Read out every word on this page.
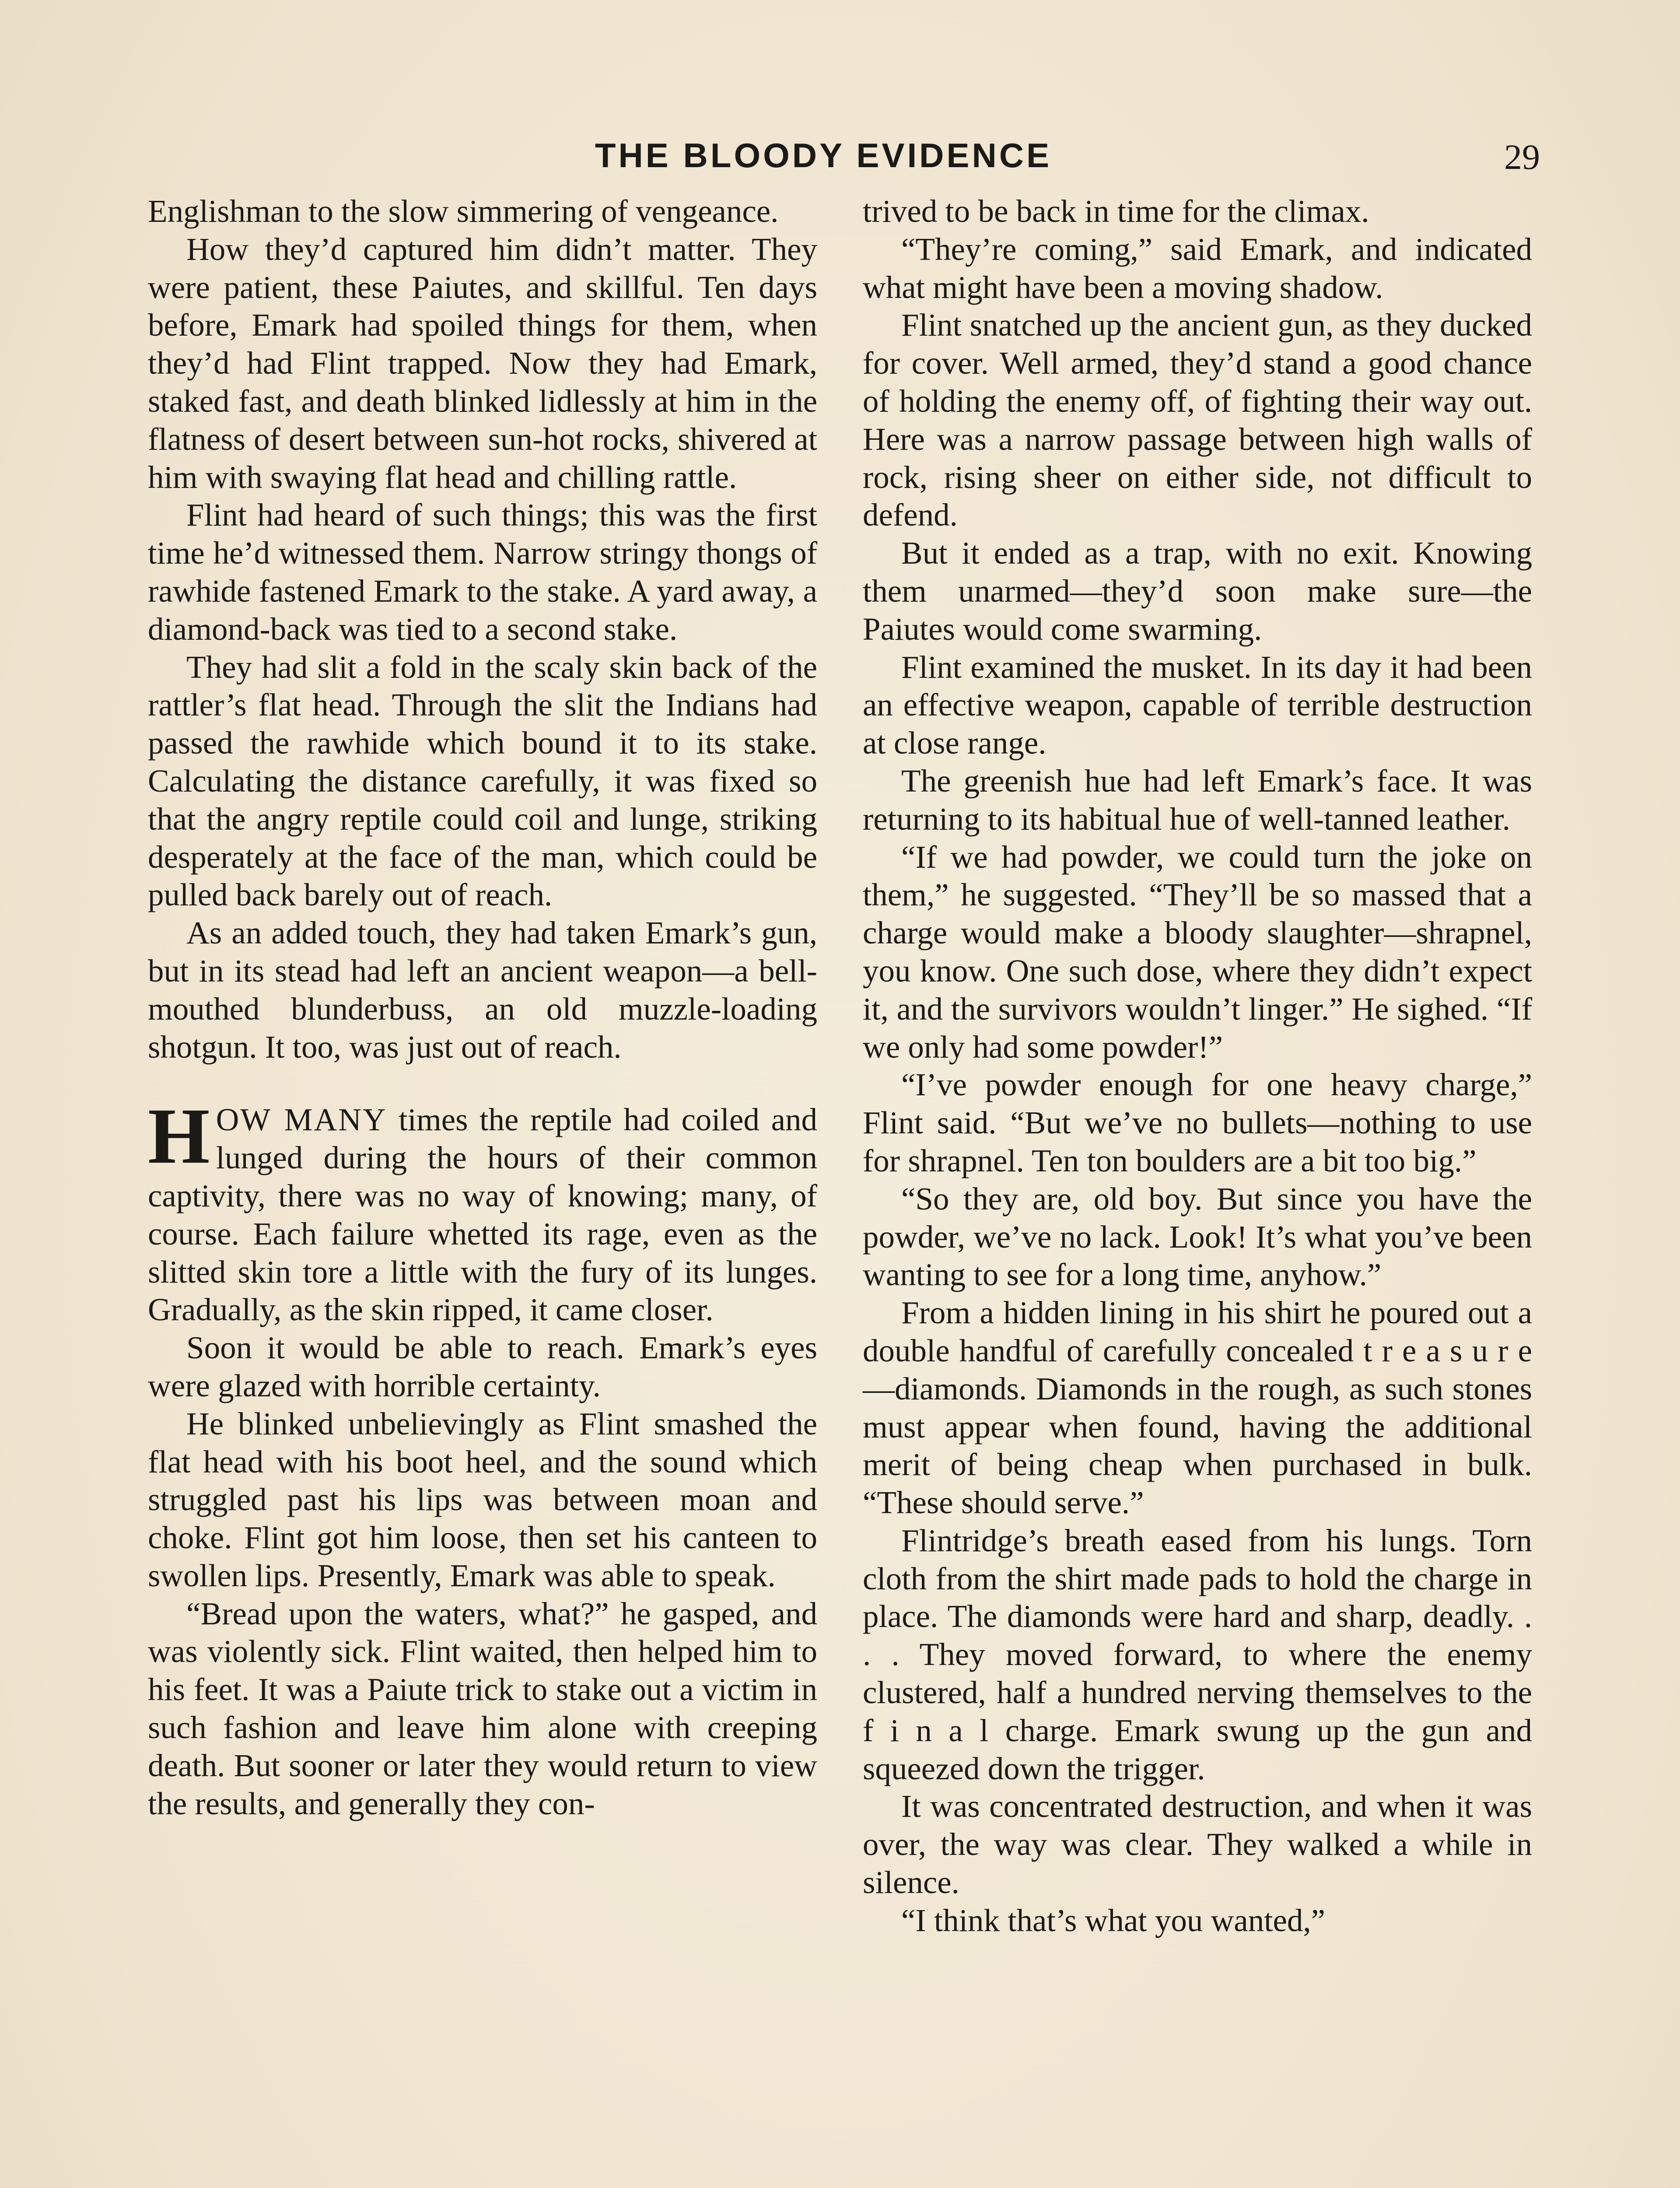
THE BLOODY EVIDENCE	29

Englishman to the slow simmering of vengeance.

How they’d captured him didn’t matter. They were patient, these Paiutes, and skillful. Ten days before, Emark had spoiled things for them, when they’d had Flint trapped. Now they had Emark, staked fast, and death blinked lidlessly at him in the flatness of desert between sun-hot rocks, shivered at him with swaying flat head and chilling rattle.

Flint had heard of such things; this was the first time he’d witnessed them. Narrow stringy thongs of rawhide fastened Emark to the stake. A yard away, a diamond-back was tied to a second stake.

They had slit a fold in the scaly skin back of the rattler’s flat head. Through the slit the Indians had passed the rawhide which bound it to its stake. Calculating the distance carefully, it was fixed so that the angry reptile could coil and lunge, striking desperately at the face of the man, which could be pulled back barely out of reach.

As an added touch, they had taken Emark’s gun, but in its stead had left an ancient weapon—a bell-mouthed blunderbuss, an old muzzle-loading shotgun. It too, was just out of reach.

HOW MANY times the reptile had coiled and lunged during the hours of their common captivity, there was no way of knowing; many, of course. Each failure whetted its rage, even as the slitted skin tore a little with the fury of its lunges. Gradually, as the skin ripped, it came closer.

Soon it would be able to reach. Emark’s eyes were glazed with horrible certainty.

He blinked unbelievingly as Flint smashed the flat head with his boot heel, and the sound which struggled past his lips was between moan and choke. Flint got him loose, then set his canteen to swollen lips. Presently, Emark was able to speak.

“Bread upon the waters, what?” he gasped, and was violently sick. Flint waited, then helped him to his feet. It was a Paiute trick to stake out a victim in such fashion and leave him alone with creeping death. But sooner or later they would return to view the results, and generally they con-

trived to be back in time for the climax.

“They’re coming,” said Emark, and indicated what might have been a moving shadow.

Flint snatched up the ancient gun, as they ducked for cover. Well armed, they’d stand a good chance of holding the enemy off, of fighting their way out. Here was a narrow passage between high walls of rock, rising sheer on either side, not difficult to defend.

But it ended as a trap, with no exit. Knowing them unarmed—they’d soon make sure—the Paiutes would come swarming.

Flint examined the musket. In its day it had been an effective weapon, capable of terrible destruction at close range.

The greenish hue had left Emark’s face. It was returning to its habitual hue of well-tanned leather.

“If we had powder, we could turn the joke on them,” he suggested. “They’ll be so massed that a charge would make a bloody slaughter—shrapnel, you know. One such dose, where they didn’t expect it, and the survivors wouldn’t linger.” He sighed. “If we only had some powder!”

“I’ve powder enough for one heavy charge,” Flint said. “But we’ve no bullets—nothing to use for shrapnel. Ten ton boulders are a bit too big.”

“So they are, old boy. But since you have the powder, we’ve no lack. Look! It’s what you’ve been wanting to see for a long time, anyhow.”

From a hidden lining in his shirt he poured out a double handful of carefully concealed t r e a s u r e—diamonds. Diamonds in the rough, as such stones must appear when found, having the additional merit of being cheap when purchased in bulk. “These should serve.”

Flintridge’s breath eased from his lungs. Torn cloth from the shirt made pads to hold the charge in place. The diamonds were hard and sharp, deadly. . . . They moved forward, to where the enemy clustered, half a hundred nerving themselves to the f i n a l charge. Emark swung up the gun and squeezed down the trigger.

It was concentrated destruction, and when it was over, the way was clear. They walked a while in silence.

“I think that’s what you wanted,”
